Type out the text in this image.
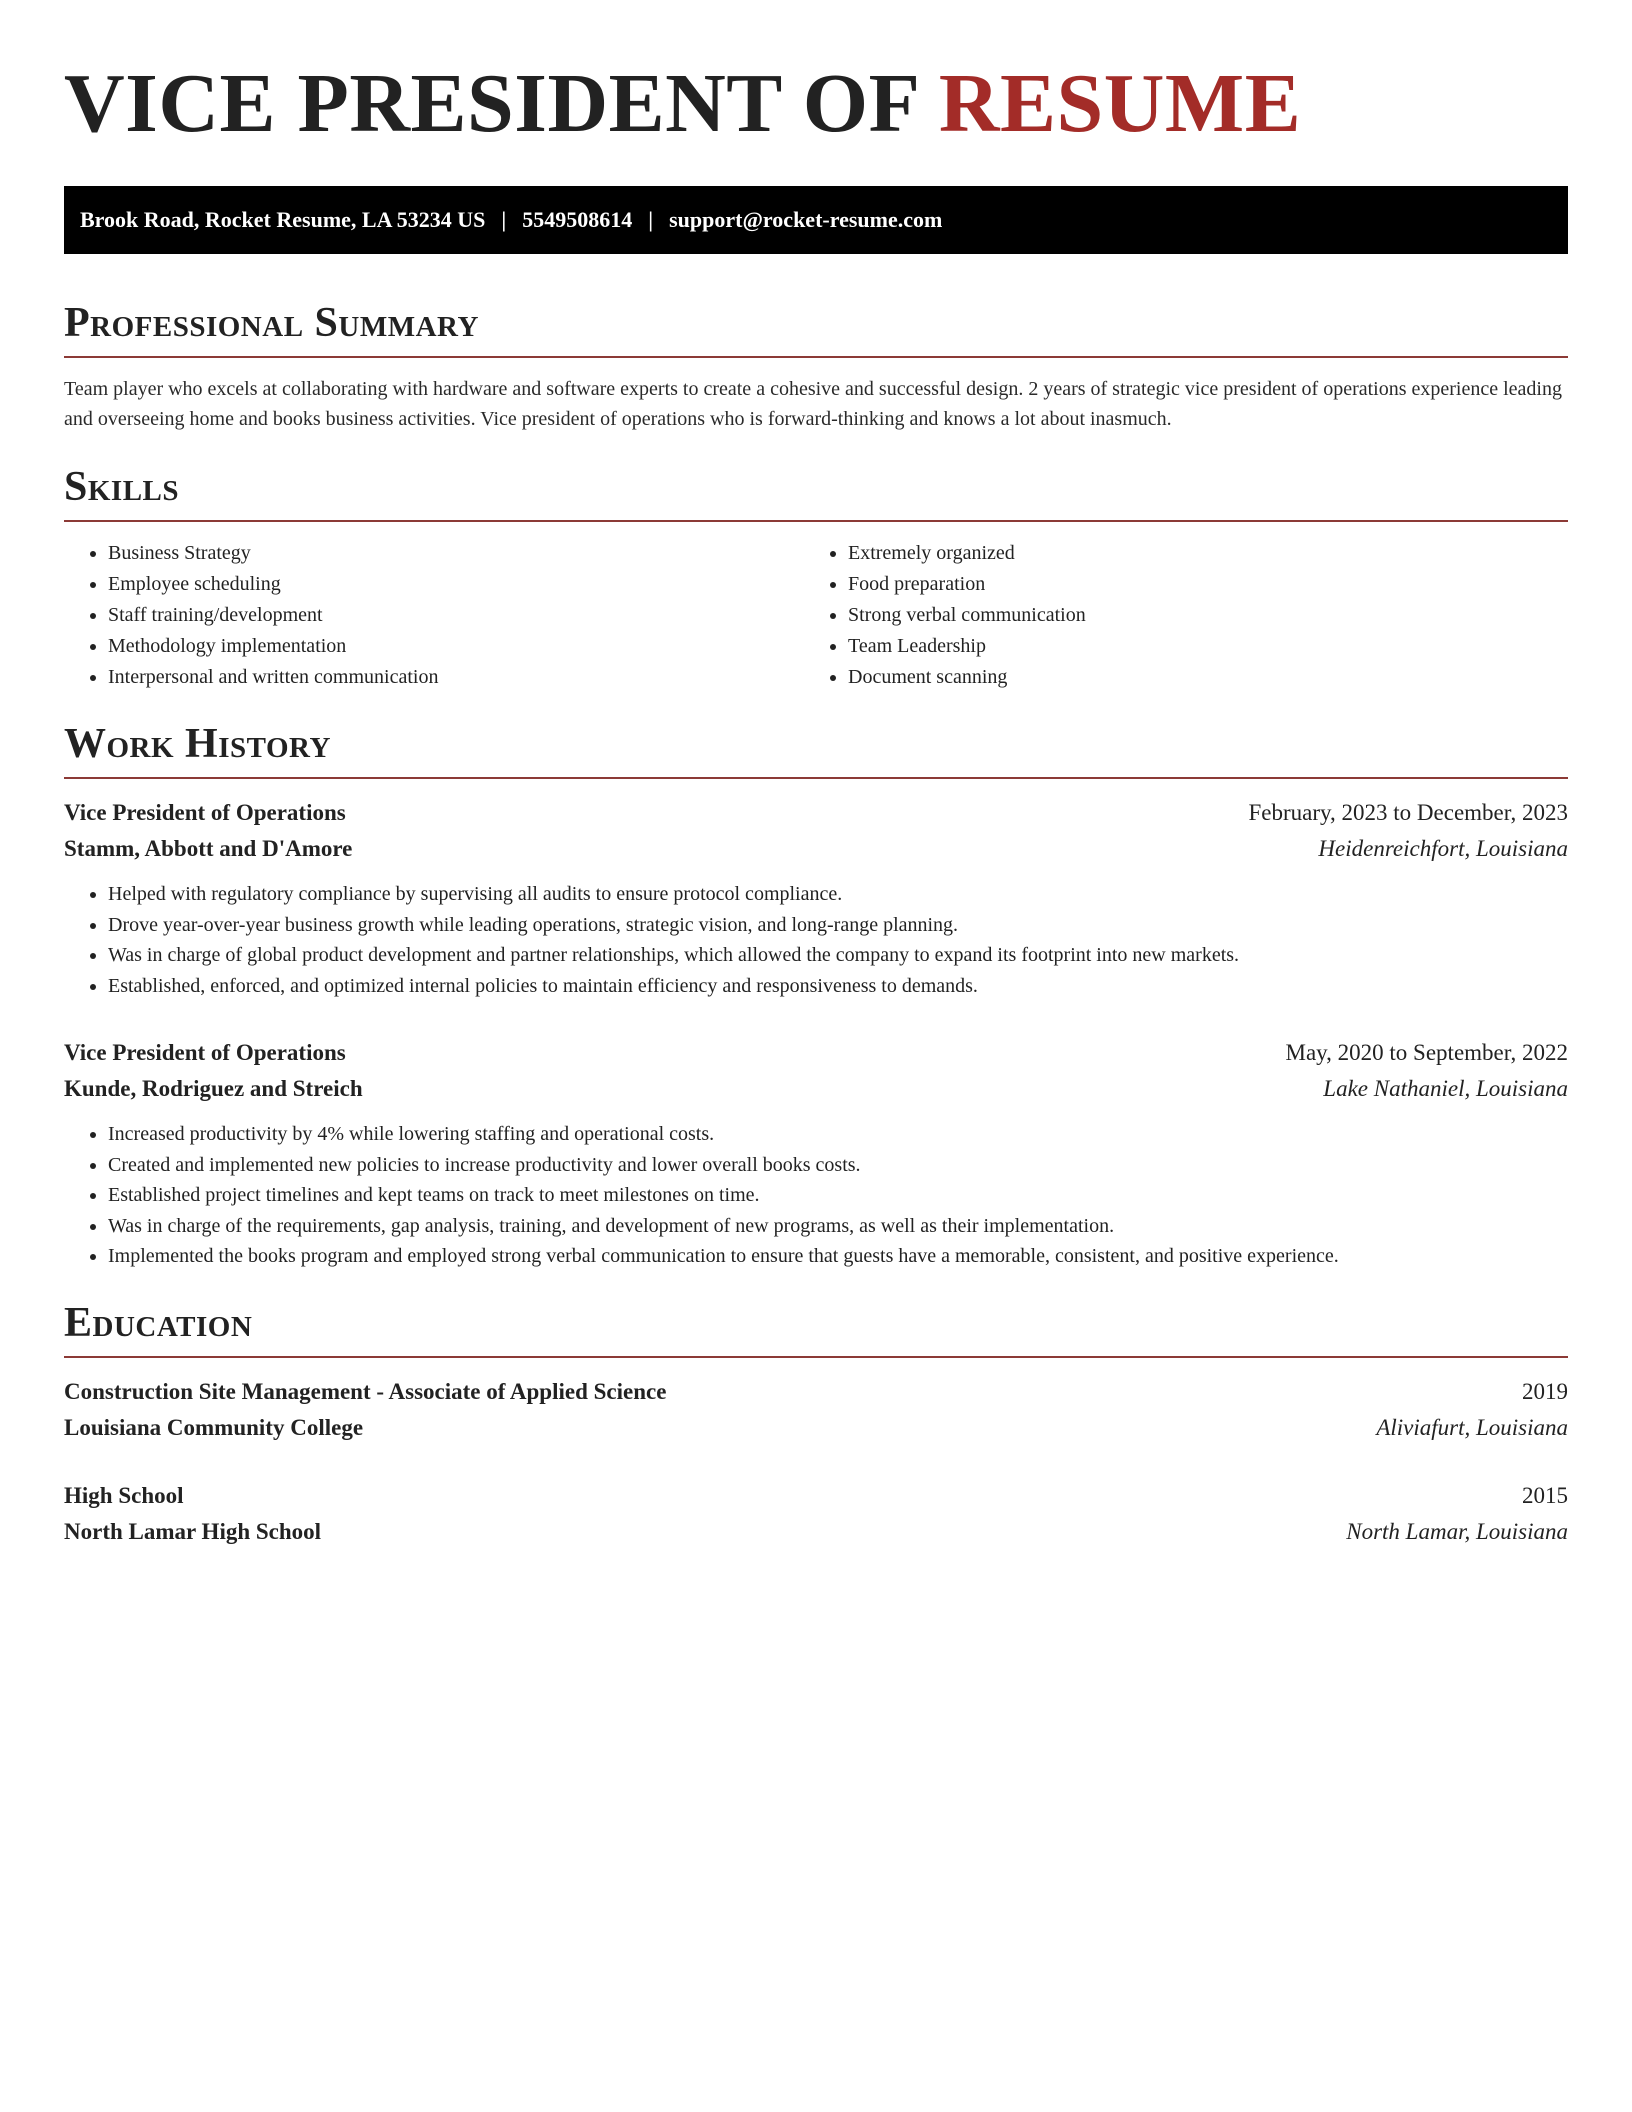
VICE PRESIDENT OF RESUME
Brook Road, Rocket Resume, LA 53234 US | 5549508614 | support@rocket-resume.com
Professional Summary

Team player who excels at collaborating with hardware and software experts to create a cohesive and successful design. 2 years of strategic vice president of operations experience leading and overseeing home and books business activities. Vice president of operations who is forward-thinking and knows a lot about inasmuch.

Skills
• Business Strategy
• Employee scheduling
• Staff training/development
• Methodology implementation
• Interpersonal and written communication
• Extremely organized
• Food preparation
• Strong verbal communication
• Team Leadership
• Document scanning
Work History
Vice President of Operations	February, 2023 to December, 2023
Stamm, Abbott and D'Amore	Heidenreichfort, Louisiana
• Helped with regulatory compliance by supervising all audits to ensure protocol compliance.
• Drove year-over-year business growth while leading operations, strategic vision, and long-range planning.
• Was in charge of global product development and partner relationships, which allowed the company to expand its footprint into new markets.
• Established, enforced, and optimized internal policies to maintain efficiency and responsiveness to demands.
Vice President of Operations	May, 2020 to September, 2022
Kunde, Rodriguez and Streich	Lake Nathaniel, Louisiana
• Increased productivity by 4% while lowering staffing and operational costs.
• Created and implemented new policies to increase productivity and lower overall books costs.
• Established project timelines and kept teams on track to meet milestones on time.
• Was in charge of the requirements, gap analysis, training, and development of new programs, as well as their implementation.
• Implemented the books program and employed strong verbal communication to ensure that guests have a memorable, consistent, and positive experience.
Education
Construction Site Management - Associate of Applied Science	2019
Louisiana Community College	Aliviafurt, Louisiana
High School	2015
North Lamar High School	North Lamar, Louisiana
